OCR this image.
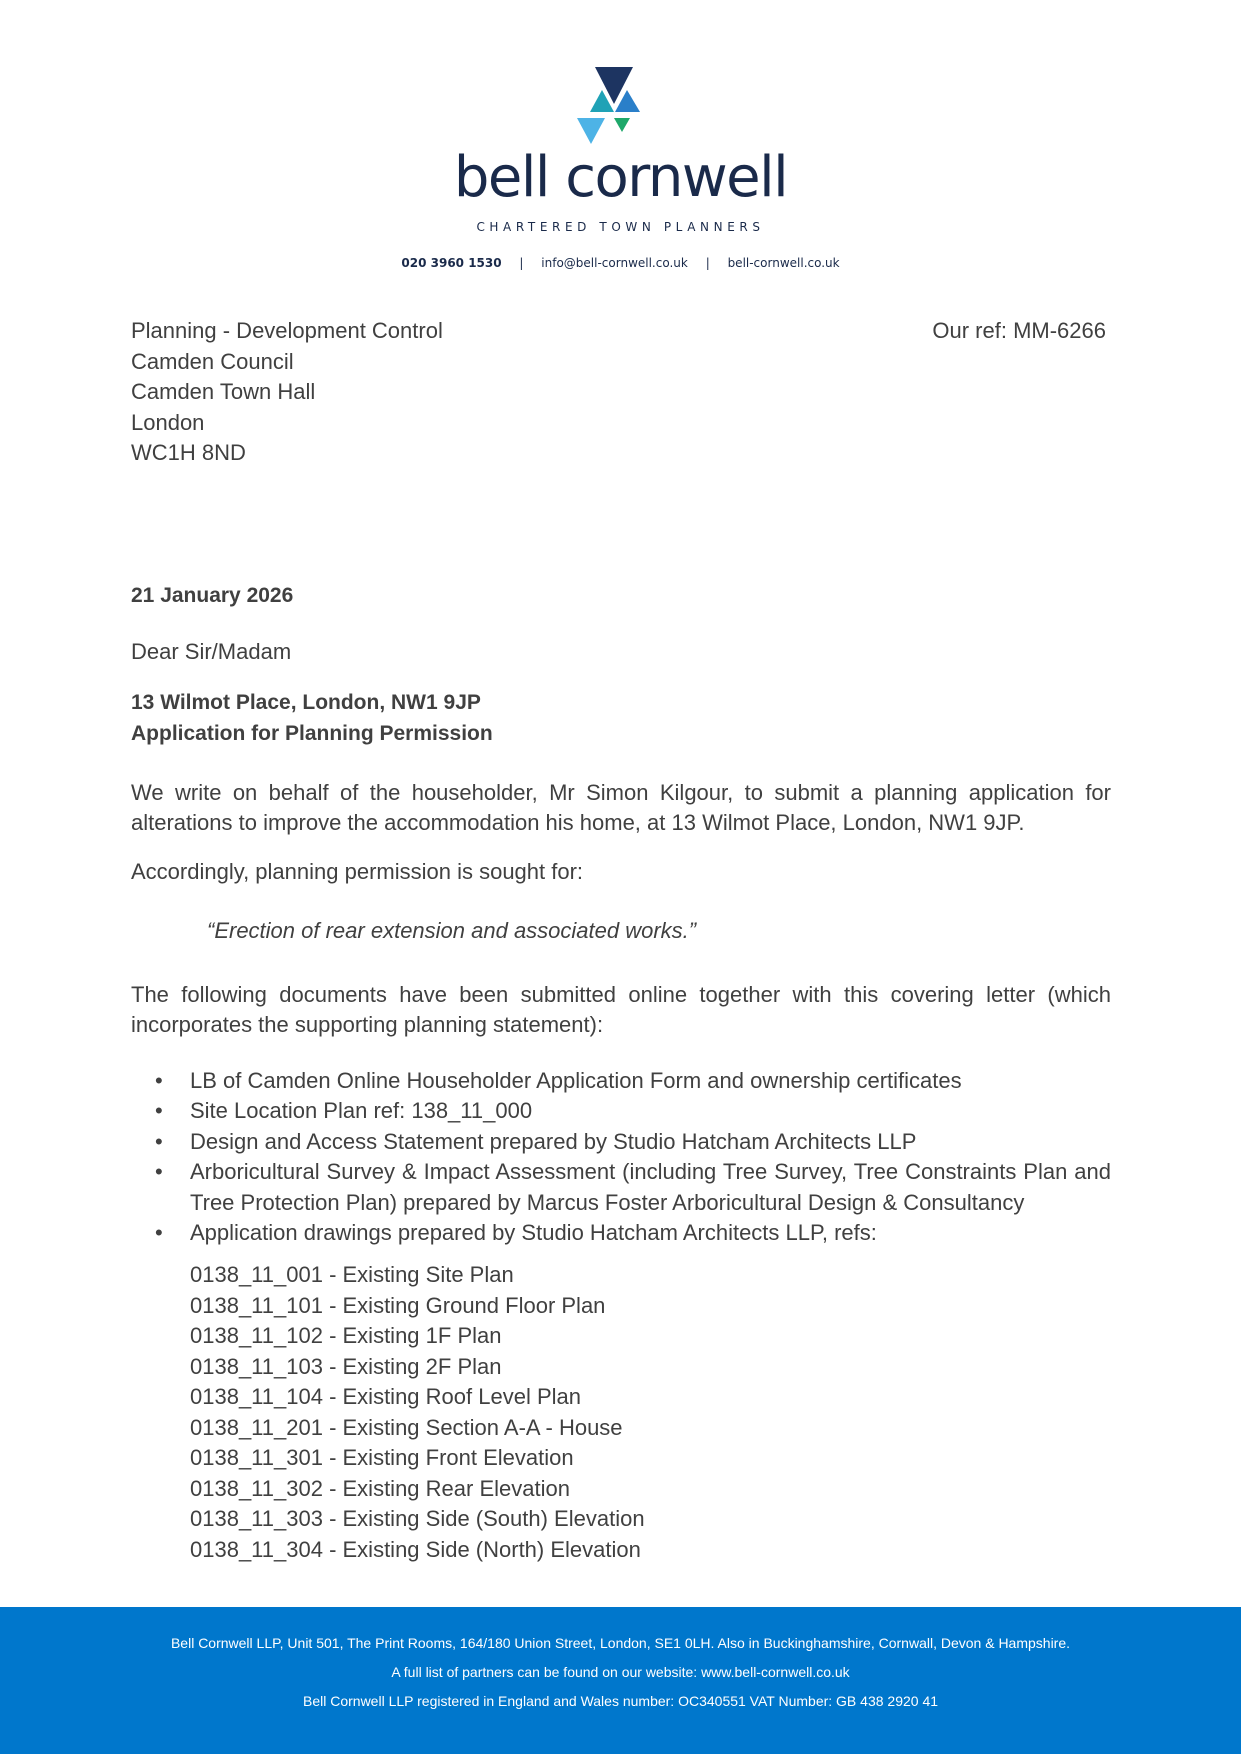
bell cornwell
CHARTERED TOWN PLANNERS
020 3960 1530 | info@bell-cornwell.co.uk | bell-cornwell.co.uk
Planning - Development Control
Camden Council
Camden Town Hall
London
WC1H 8ND
Our ref: MM-6266
21 January 2026
Dear Sir/Madam
13 Wilmot Place, London, NW1 9JP
Application for Planning Permission
We write on behalf of the householder, Mr Simon Kilgour, to submit a planning application for alterations to improve the accommodation his home, at 13 Wilmot Place, London, NW1 9JP.
Accordingly, planning permission is sought for:
“Erection of rear extension and associated works.”
The following documents have been submitted online together with this covering letter (which incorporates the supporting planning statement):
• LB of Camden Online Householder Application Form and ownership certificates
• Site Location Plan ref: 138_11_000
• Design and Access Statement prepared by Studio Hatcham Architects LLP
• Arboricultural Survey & Impact Assessment (including Tree Survey, Tree Constraints Plan and Tree Protection Plan) prepared by Marcus Foster Arboricultural Design & Consultancy
• Application drawings prepared by Studio Hatcham Architects LLP, refs:
0138_11_001 - Existing Site Plan
0138_11_101 - Existing Ground Floor Plan
0138_11_102 - Existing 1F Plan
0138_11_103 - Existing 2F Plan
0138_11_104 - Existing Roof Level Plan
0138_11_201 - Existing Section A-A - House
0138_11_301 - Existing Front Elevation
0138_11_302 - Existing Rear Elevation
0138_11_303 - Existing Side (South) Elevation
0138_11_304 - Existing Side (North) Elevation
Bell Cornwell LLP, Unit 501, The Print Rooms, 164/180 Union Street, London, SE1 0LH. Also in Buckinghamshire, Cornwall, Devon & Hampshire.
A full list of partners can be found on our website: www.bell-cornwell.co.uk
Bell Cornwell LLP registered in England and Wales number: OC340551 VAT Number: GB 438 2920 41
